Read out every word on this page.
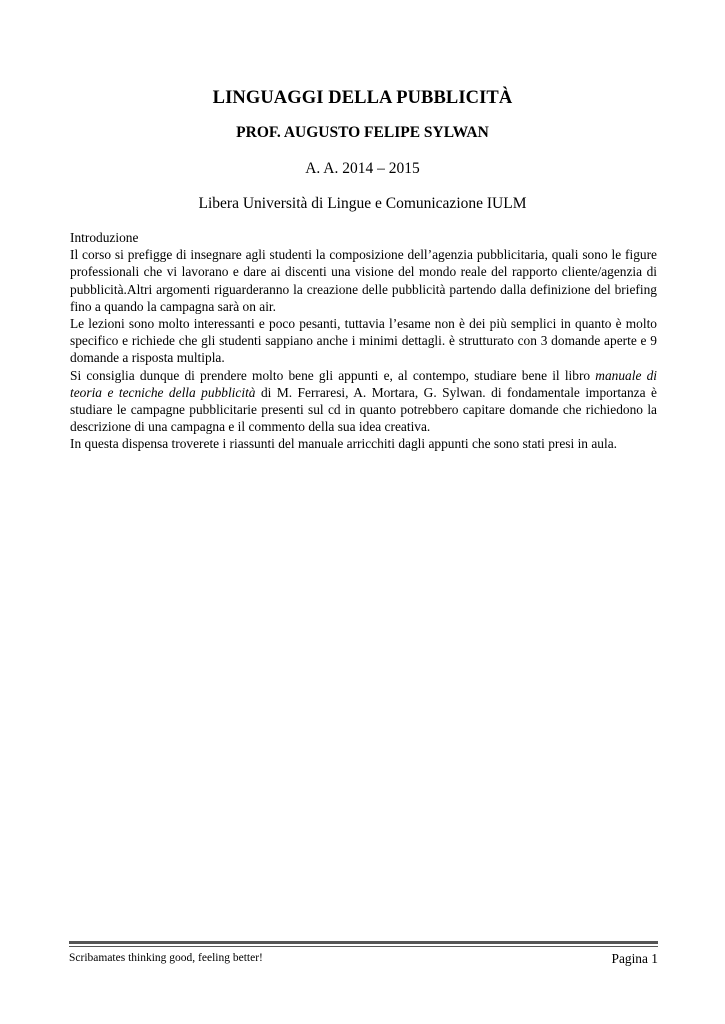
LINGUAGGI DELLA PUBBLICITÀ
PROF. AUGUSTO FELIPE SYLWAN
A. A. 2014 – 2015
Libera Università di Lingue e Comunicazione IULM

Introduzione

Il corso si prefigge di insegnare agli studenti la composizione dell’agenzia pubblicitaria, quali sono le figure professionali che vi lavorano e dare ai discenti una visione del mondo reale del rapporto cliente/agenzia di pubblicità.Altri argomenti riguarderanno la creazione delle pubblicità partendo dalla definizione del briefing fino a quando la campagna sarà on air.

Le lezioni sono molto interessanti e poco pesanti, tuttavia l’esame non è dei più semplici in quanto è molto specifico e richiede che gli studenti sappiano anche i minimi dettagli. è strutturato con 3 domande aperte e 9 domande a risposta multipla.

Si consiglia dunque di prendere molto bene gli appunti e, al contempo, studiare bene il libro manuale di teoria e tecniche della pubblicità di M. Ferraresi, A. Mortara, G. Sylwan. di fondamentale importanza è studiare le campagne pubblicitarie presenti sul cd in quanto potrebbero capitare domande che richiedono la descrizione di una campagna e il commento della sua idea creativa.

In questa dispensa troverete i riassunti del manuale arricchiti dagli appunti che sono stati presi in aula.

Scribamates thinking good, feeling better!	Pagina 1
